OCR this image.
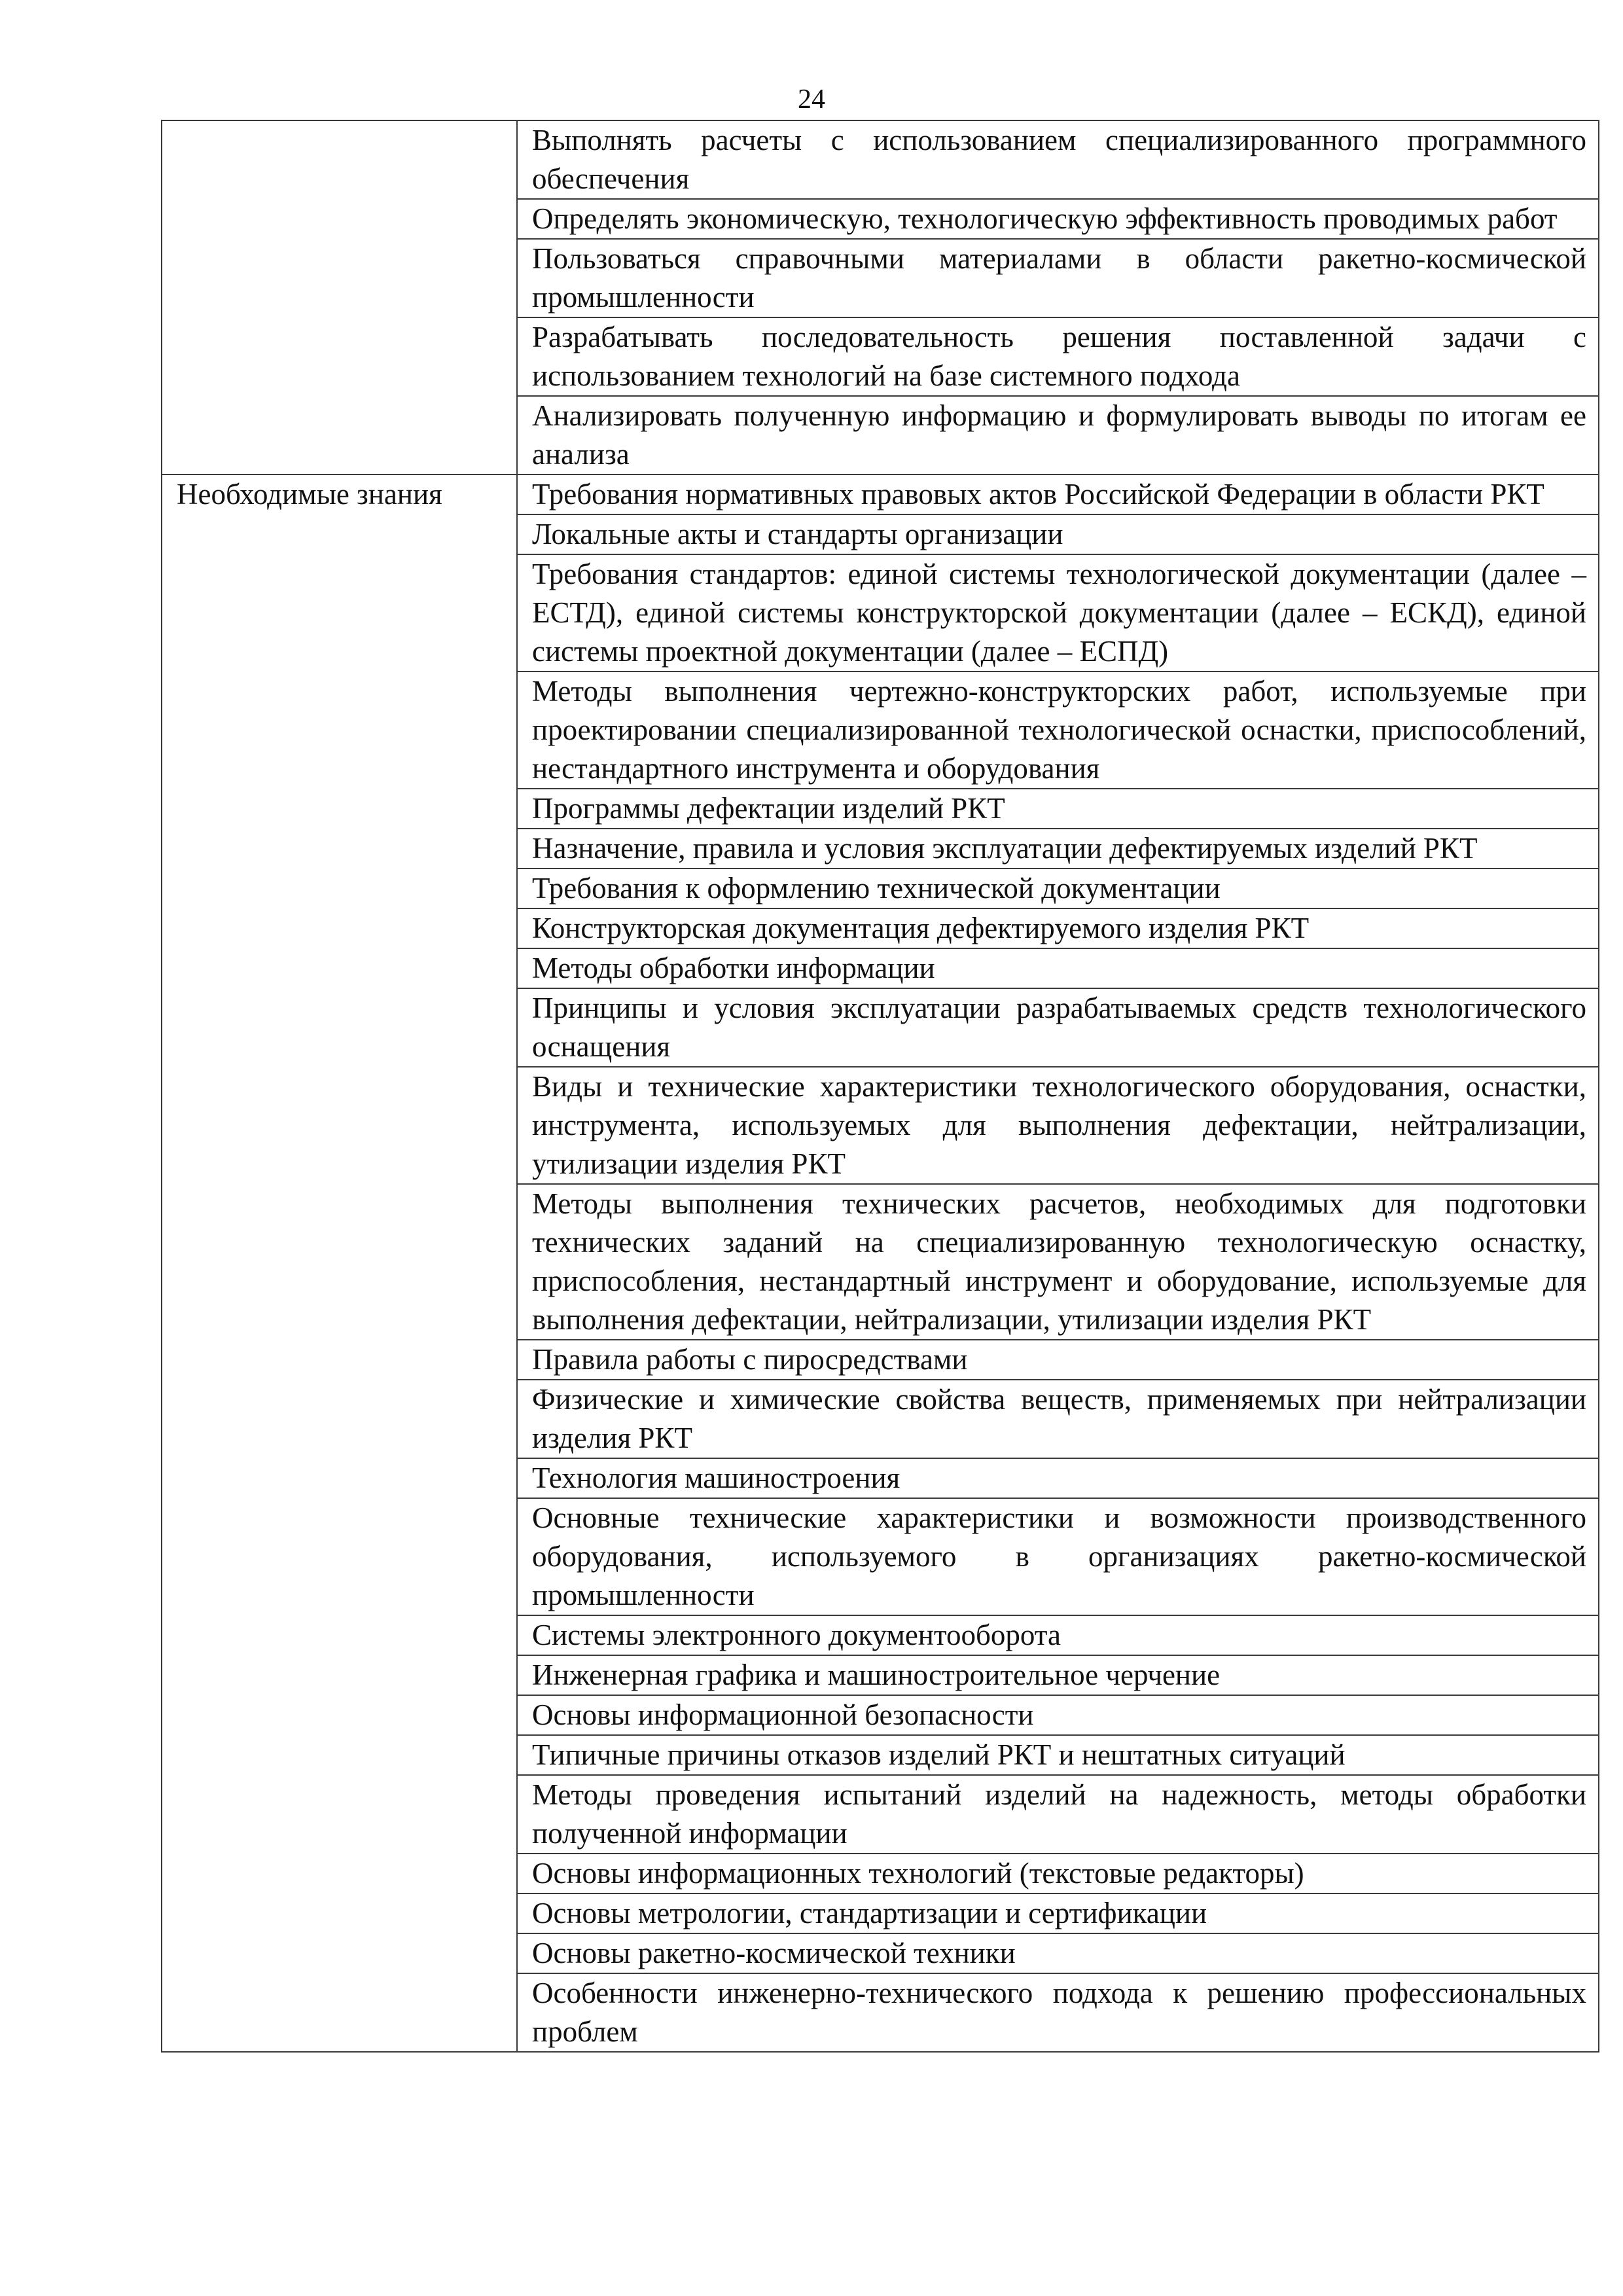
24

	Выполнять расчеты с использованием специализированного программного обеспечения

	Определять экономическую, технологическую эффективность проводимых работ

	Пользоваться справочными материалами в области ракетно-космической промышленности

	Разрабатывать последовательность решения поставленной задачи с использованием технологий на базе системного подхода

	Анализировать полученную информацию и формулировать выводы по итогам ее анализа

Необходимые знания	Требования нормативных правовых актов Российской Федерации в области РКТ

	Локальные акты и стандарты организации

	Требования стандартов: единой системы технологической документации (далее – ЕСТД), единой системы конструкторской документации (далее – ЕСКД), единой системы проектной документации (далее – ЕСПД)

	Методы выполнения чертежно-конструкторских работ, используемые при проектировании специализированной технологической оснастки, приспособлений, нестандартного инструмента и оборудования

	Программы дефектации изделий РКТ

	Назначение, правила и условия эксплуатации дефектируемых изделий РКТ

	Требования к оформлению технической документации

	Конструкторская документация дефектируемого изделия РКТ

	Методы обработки информации

	Принципы и условия эксплуатации разрабатываемых средств технологического оснащения

	Виды и технические характеристики технологического оборудования, оснастки, инструмента, используемых для выполнения дефектации, нейтрализации, утилизации изделия РКТ

	Методы выполнения технических расчетов, необходимых для подготовки технических заданий на специализированную технологическую оснастку, приспособления, нестандартный инструмент и оборудование, используемые для выполнения дефектации, нейтрализации, утилизации изделия РКТ

	Правила работы с пиросредствами

	Физические и химические свойства веществ, применяемых при нейтрализации изделия РКТ

	Технология машиностроения

	Основные технические характеристики и возможности производственного оборудования, используемого в организациях ракетно-космической промышленности

	Системы электронного документооборота

	Инженерная графика и машиностроительное черчение

	Основы информационной безопасности

	Типичные причины отказов изделий РКТ и нештатных ситуаций

	Методы проведения испытаний изделий на надежность, методы обработки полученной информации

	Основы информационных технологий (текстовые редакторы)

	Основы метрологии, стандартизации и сертификации

	Основы ракетно-космической техники

	Особенности инженерно-технического подхода к решению профессиональных проблем
